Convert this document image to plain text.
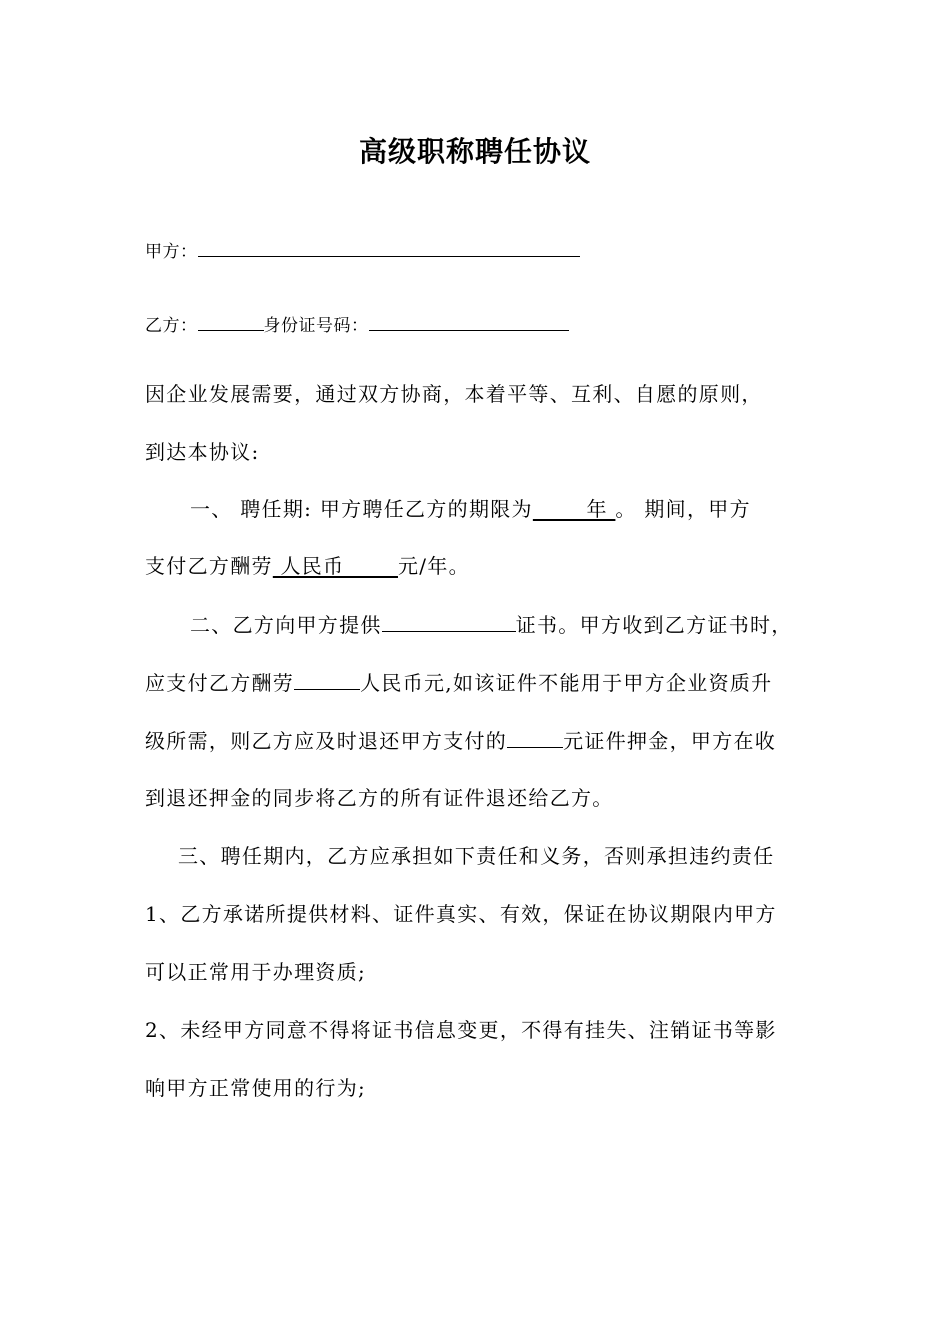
高级职称聘任协议
甲方：
乙方：	身份证号码：
因企业发展需要，通过双方协商，本着平等、互利、自愿的原则，
到达本协议:
一、 聘任期: 甲方聘任乙方的期限为       年 。 期间，甲方
支付乙方酬劳 人民币       元/年。
二、乙方向甲方提供	证书。甲方收到乙方证书时，
应支付乙方酬劳	人民币元,如该证件不能用于甲方企业资质升
级所需，则乙方应及时退还甲方支付的	元证件押金，甲方在收
到退还押金的同步将乙方的所有证件退还给乙方。
三、聘任期内，乙方应承担如下责任和义务，否则承担违约责任
1、乙方承诺所提供材料、证件真实、有效，保证在协议期限内甲方
可以正常用于办理资质;
2、未经甲方同意不得将证书信息变更，不得有挂失、注销证书等影
响甲方正常使用的行为;
